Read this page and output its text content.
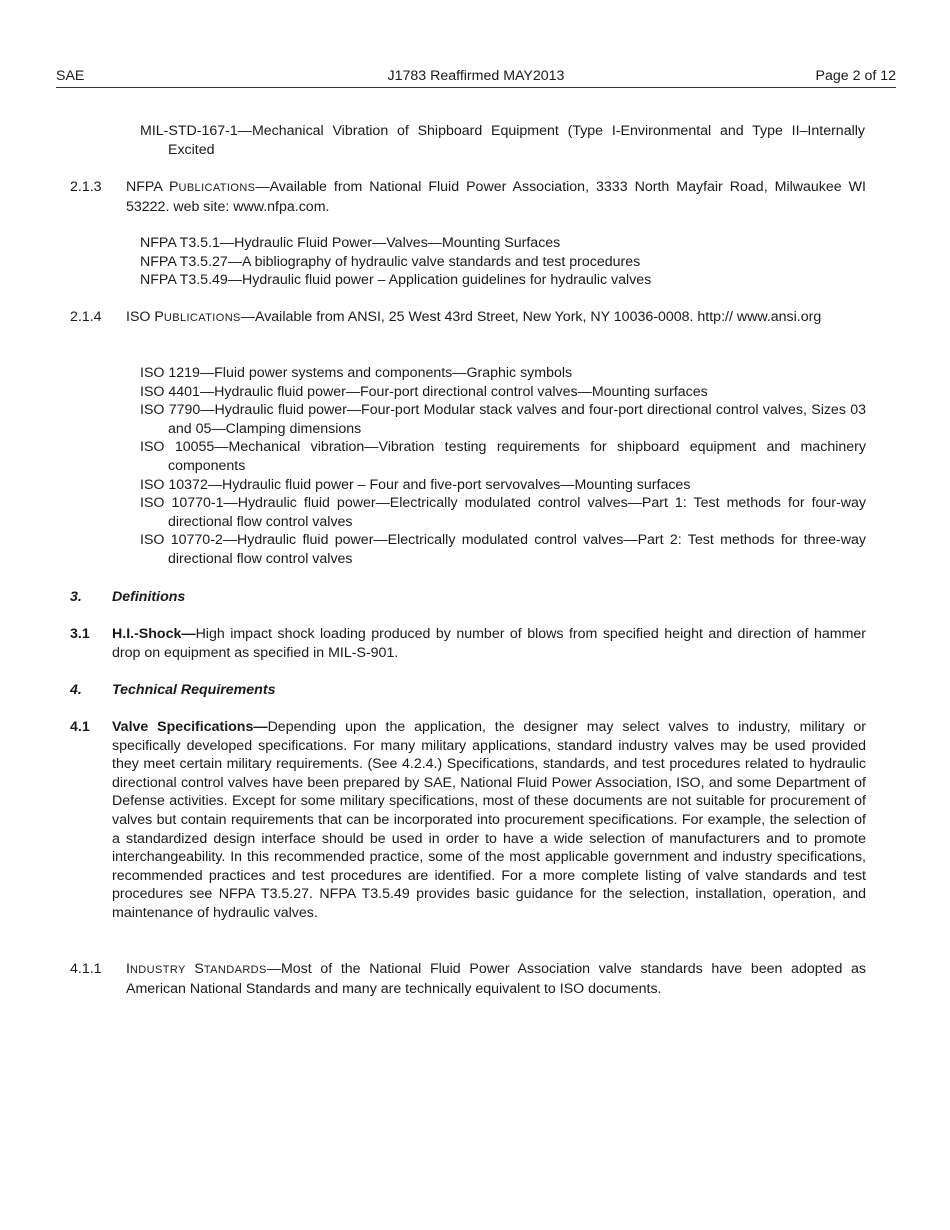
SAE	J1783 Reaffirmed MAY2013	Page 2 of 12
MIL-STD-167-1—Mechanical Vibration of Shipboard Equipment (Type I-Environmental and Type II–Internally Excited
2.1.3 NFPA PUBLICATIONS—Available from National Fluid Power Association, 3333 North Mayfair Road, Milwaukee WI 53222. web site: www.nfpa.com.
NFPA T3.5.1—Hydraulic Fluid Power—Valves—Mounting Surfaces
NFPA T3.5.27—A bibliography of hydraulic valve standards and test procedures
NFPA T3.5.49—Hydraulic fluid power – Application guidelines for hydraulic valves
2.1.4 ISO PUBLICATIONS—Available from ANSI, 25 West 43rd Street, New York, NY 10036-0008. http:// www.ansi.org
ISO 1219—Fluid power systems and components—Graphic symbols
ISO 4401—Hydraulic fluid power—Four-port directional control valves—Mounting surfaces
ISO 7790—Hydraulic fluid power—Four-port Modular stack valves and four-port directional control valves, Sizes 03 and 05—Clamping dimensions
ISO 10055—Mechanical vibration—Vibration testing requirements for shipboard equipment and machinery components
ISO 10372—Hydraulic fluid power – Four and five-port servovalves—Mounting surfaces
ISO 10770-1—Hydraulic fluid power—Electrically modulated control valves—Part 1: Test methods for four-way directional flow control valves
ISO 10770-2—Hydraulic fluid power—Electrically modulated control valves—Part 2: Test methods for three-way directional flow control valves
3. Definitions
3.1 H.I.-Shock—High impact shock loading produced by number of blows from specified height and direction of hammer drop on equipment as specified in MIL-S-901.
4. Technical Requirements
4.1 Valve Specifications—Depending upon the application, the designer may select valves to industry, military or specifically developed specifications. For many military applications, standard industry valves may be used provided they meet certain military requirements. (See 4.2.4.) Specifications, standards, and test procedures related to hydraulic directional control valves have been prepared by SAE, National Fluid Power Association, ISO, and some Department of Defense activities. Except for some military specifications, most of these documents are not suitable for procurement of valves but contain requirements that can be incorporated into procurement specifications. For example, the selection of a standardized design interface should be used in order to have a wide selection of manufacturers and to promote interchangeability. In this recommended practice, some of the most applicable government and industry specifications, recommended practices and test procedures are identified. For a more complete listing of valve standards and test procedures see NFPA T3.5.27. NFPA T3.5.49 provides basic guidance for the selection, installation, operation, and maintenance of hydraulic valves.
4.1.1 INDUSTRY STANDARDS—Most of the National Fluid Power Association valve standards have been adopted as American National Standards and many are technically equivalent to ISO documents.
